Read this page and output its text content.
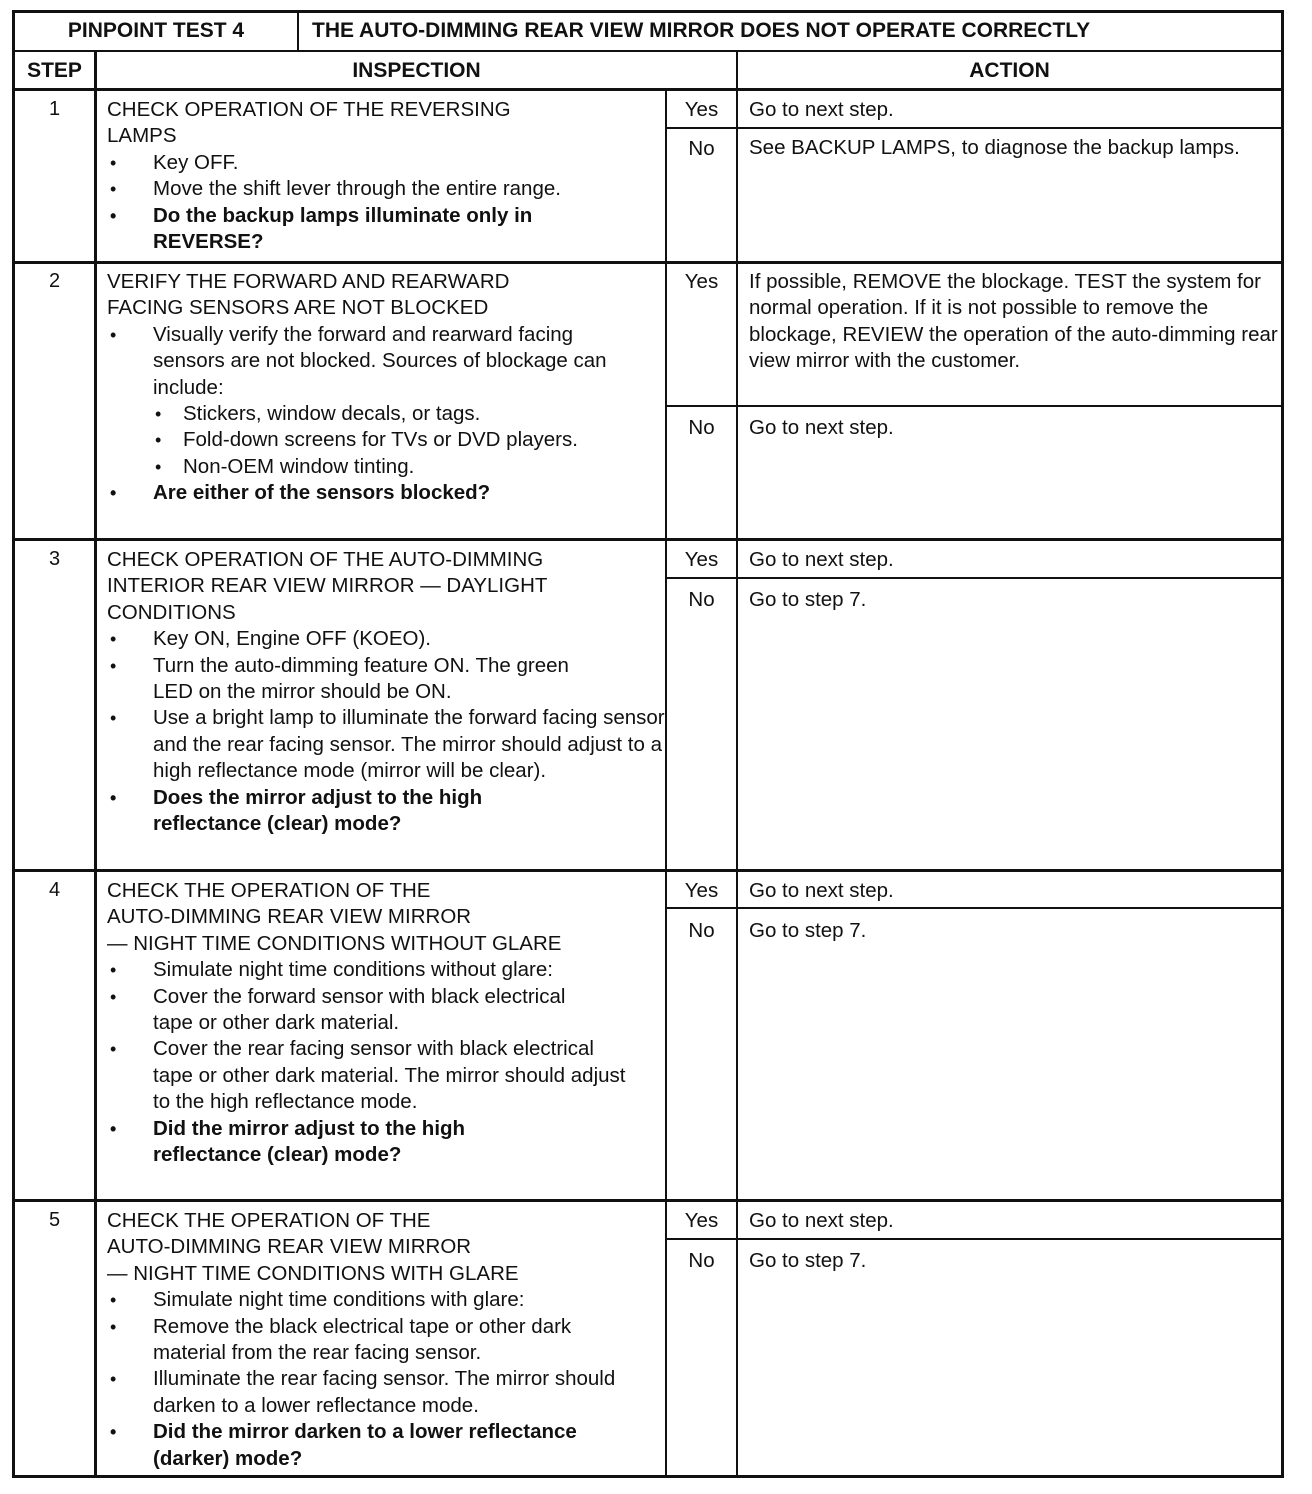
PINPOINT TEST 4	THE AUTO-DIMMING REAR VIEW MIRROR DOES NOT OPERATE CORRECTLY
STEP	INSPECTION	ACTION
1	CHECK OPERATION OF THE REVERSING
LAMPS
• Key OFF.
• Move the shift lever through the entire range.
• Do the backup lamps illuminate only in REVERSE?
Yes	Go to next step.
No	See BACKUP LAMPS, to diagnose the backup lamps.
2	VERIFY THE FORWARD AND REARWARD
FACING SENSORS ARE NOT BLOCKED
• Visually verify the forward and rearward facing sensors are not blocked. Sources of blockage can include:
• Stickers, window decals, or tags.
• Fold-down screens for TVs or DVD players.
• Non-OEM window tinting.
• Are either of the sensors blocked?
Yes	If possible, REMOVE the blockage. TEST the system for normal operation. If it is not possible to remove the blockage, REVIEW the operation of the auto-dimming rear view mirror with the customer.
No	Go to next step.
3	CHECK OPERATION OF THE AUTO-DIMMING
INTERIOR REAR VIEW MIRROR — DAYLIGHT
CONDITIONS
• Key ON, Engine OFF (KOEO).
• Turn the auto-dimming feature ON. The green LED on the mirror should be ON.
• Use a bright lamp to illuminate the forward facing sensor and the rear facing sensor. The mirror should adjust to a high reflectance mode (mirror will be clear).
• Does the mirror adjust to the high reflectance (clear) mode?
Yes	Go to next step.
No	Go to step 7.
4	CHECK THE OPERATION OF THE
AUTO-DIMMING REAR VIEW MIRROR
— NIGHT TIME CONDITIONS WITHOUT GLARE
• Simulate night time conditions without glare:
• Cover the forward sensor with black electrical tape or other dark material.
• Cover the rear facing sensor with black electrical tape or other dark material. The mirror should adjust to the high reflectance mode.
• Did the mirror adjust to the high reflectance (clear) mode?
Yes	Go to next step.
No	Go to step 7.
5	CHECK THE OPERATION OF THE
AUTO-DIMMING REAR VIEW MIRROR
— NIGHT TIME CONDITIONS WITH GLARE
• Simulate night time conditions with glare:
• Remove the black electrical tape or other dark material from the rear facing sensor.
• Illuminate the rear facing sensor. The mirror should darken to a lower reflectance mode.
• Did the mirror darken to a lower reflectance (darker) mode?
Yes	Go to next step.
No	Go to step 7.
